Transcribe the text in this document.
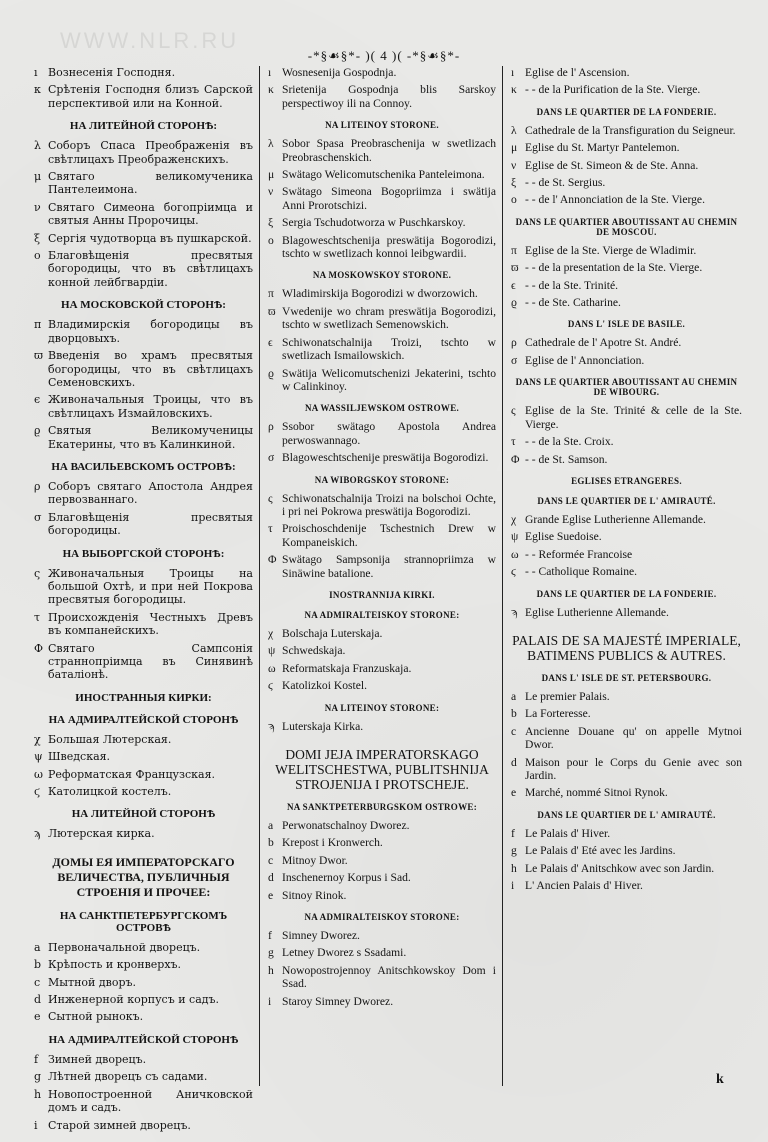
WWW.NLR.RU
-*§☙§*- )( 4 )( -*§☙§*-
ı Вознесенія Господня.
κ Срѣтенія Господня близъ Сарской перспективой или на Конной.
НА ЛИТЕЙНОЙ СТОРОНѢ:
λ Соборъ Спаса Преображенія въ свѣтлицахъ Преображенскихъ.
μ Святаго великомученика Пантелеимона.
ν Святаго Симеона богопріимца и святыя Анны Пророчицы.
ξ Сергія чудотворца въ пушкарской.
ο Благовѣщенія пресвятыя богородицы, что въ свѣтлицахъ конной лейбгвардіи.
НА МОСКОВСКОЙ СТОРОНѢ:
π Владимирскія богородицы въ дворцовыхъ.
ϖ Введенія во храмъ пресвятыя богородицы, что въ свѣтлицахъ Семеновскихъ.
ϵ Живоначальныя Троицы, что въ свѣтлицахъ Измайловскихъ.
ϱ Святыя Великомученицы Екатерины, что въ Калинкиной.
НА ВАСИЛЬЕВСКОМЪ ОСТРОВѢ:
ρ Соборъ святаго Апостола Андрея первозваннаго.
σ Благовѣщенія пресвятыя богородицы.
НА ВЫБОРГСКОЙ СТОРОНѢ:
ς Живоначальныя Троицы на большой Охтѣ, и при ней Покрова пресвятыя богородицы.
τ Происхожденія Честныхъ Древъ въ компанейскихъ.
Φ Святаго Сампсонія страннопріимца въ Синявинѣ баталіонѣ.
ИНОСТРАННЫЯ КИРКИ:
НА АДМИРАЛТЕЙСКОЙ СТОРОНѢ
χ Большая Лютерская.
ψ Шведская.
ω Реформатская Французская.
ϛ Католицкой костелъ.
НА ЛИТЕЙНОЙ СТОРОНѢ
ϡ Лютерская кирка.
ДОМЫ ЕЯ ИМПЕРАТОРСКАГО ВЕЛИЧЕСТВА, ПУБЛИЧНЫЯ СТРОЕНІЯ И ПРОЧЕЕ:
НА САНКТПЕТЕРБУРГСКОМЪ ОСТРОВѢ
a Первоначальной дворецъ.
b Крѣпость и кронверхъ.
c Мытной дворъ.
d Инженерной корпусъ и садъ.
e Сытной рынокъ.
НА АДМИРАЛТЕЙСКОЙ СТОРОНѢ
f Зимней дворецъ.
g Лѣтней дворецъ съ садами.
h Новопостроенной Аничковской домъ и садъ.
i Старой зимней дворецъ.
ı Wosnesenija Gospodnja.
κ Srietenija Gospodnja blis Sarskoy perspectiwoy ili na Connoy.
NA LITEINOY STORONE.
λ Sobor Spasa Preobraschenija w swetlizach Preobraschenskich.
μ Swätago Welicomutschenika Panteleimona.
ν Swätago Simeona Bogopriimza i swätija Anni Prorotschizi.
ξ Sergia Tschudotworza w Puschkarskoy.
ο Blagoweschtschenija preswätija Bogorodizi, tschto w swetlizach konnoi leibgwardii.
NA MOSKOWSKOY STORONE.
π Wladimirskija Bogorodizi w dworzowich.
ϖ Vwedenije wo chram preswätija Bogorodizi, tschto w swetlizach Semenowskich.
ϵ Schiwonatschalnija Troizi, tschto w swetlizach Ismailowskich.
ϱ Swätija Welicomutschenizi Jekaterini, tschto w Calinkinoy.
NA WASSILJEWSKOM OSTROWE.
ρ Ssobor swätago Apostola Andrea perwoswannago.
σ Blagoweschtschenije preswätija Bogorodizi.
NA WIBORGSKOY STORONE:
ς Schiwonatschalnija Troizi na bolschoi Ochte, i pri nei Pokrowa preswätija Bogorodizi.
τ Proischoschdenije Tschestnich Drew w Kompaneiskich.
Φ Swätago Sampsonija strannopriimza w Sinäwine batalione.
INOSTRANNIJA KIRKI.
NA ADMIRALTEISKOY STORONE:
χ Bolschaja Luterskaja.
ψ Schwedskaja.
ω Reformatskaja Franzuskaja.
ϛ Katolizkoi Kostel.
NA LITEINOY STORONE:
ϡ Luterskaja Kirka.
DOMI JEJA IMPERATORSKAGO WELITSCHESTWA, PUBLITSHNIJA STROJENIJA I PROTSCHEJE.
NA SANKTPETERBURGSKOM OSTROWE:
a Perwonatschalnoy Dworez.
b Krepost i Kronwerch.
c Mitnoy Dwor.
d Inschenernoy Korpus i Sad.
e Sitnoy Rinok.
NA ADMIRALTEISKOY STORONE:
f Simney Dworez.
g Letney Dworez s Ssadami.
h Nowopostrojennoy Anitschkowskoy Dom i Ssad.
i Staroy Simney Dworez.
ı Eglise de l' Ascension.
κ - - de la Purification de la Ste. Vierge.
DANS LE QUARTIER DE LA FONDERIE.
λ Cathedrale de la Transfiguration du Seigneur.
μ Eglise du St. Martyr Pantelemon.
ν Eglise de St. Simeon & de Ste. Anna.
ξ - - de St. Sergius.
ο - - de l' Annonciation de la Ste. Vierge.
DANS LE QUARTIER ABOUTISSANT AU CHEMIN DE MOSCOU.
π Eglise de la Ste. Vierge de Wladimir.
ϖ - - de la presentation de la Ste. Vierge.
ϵ - - de la Ste. Trinité.
ϱ - - de Ste. Catharine.
DANS L' ISLE DE BASILE.
ρ Cathedrale de l' Apotre St. André.
σ Eglise de l' Annonciation.
DANS LE QUARTIER ABOUTISSANT AU CHEMIN DE WIBOURG.
ς Eglise de la Ste. Trinité & celle de la Ste. Vierge.
τ - - de la Ste. Croix.
Φ - - de St. Samson.
EGLISES ETRANGERES.
DANS LE QUARTIER DE L' AMIRAUTÉ.
χ Grande Eglise Lutherienne Allemande.
ψ Eglise Suedoise.
ω - - Reformée Francoise
ϛ - - Catholique Romaine.
DANS LE QUARTIER DE LA FONDERIE.
ϡ Eglise Lutherienne Allemande.
PALAIS DE SA MAJESTÉ IMPERIALE, BATIMENS PUBLICS & AUTRES.
DANS L' ISLE DE ST. PETERSBOURG.
a Le premier Palais.
b La Forteresse.
c Ancienne Douane qu' on appelle Mytnoi Dwor.
d Maison pour le Corps du Genie avec son Jardin.
e Marché, nommé Sitnoi Rynok.
DANS LE QUARTIER DE L' AMIRAUTÉ.
f Le Palais d' Hiver.
g Le Palais d' Eté avec les Jardins.
h Le Palais d' Anitschkow avec son Jardin.
i L' Ancien Palais d' Hiver.
k
